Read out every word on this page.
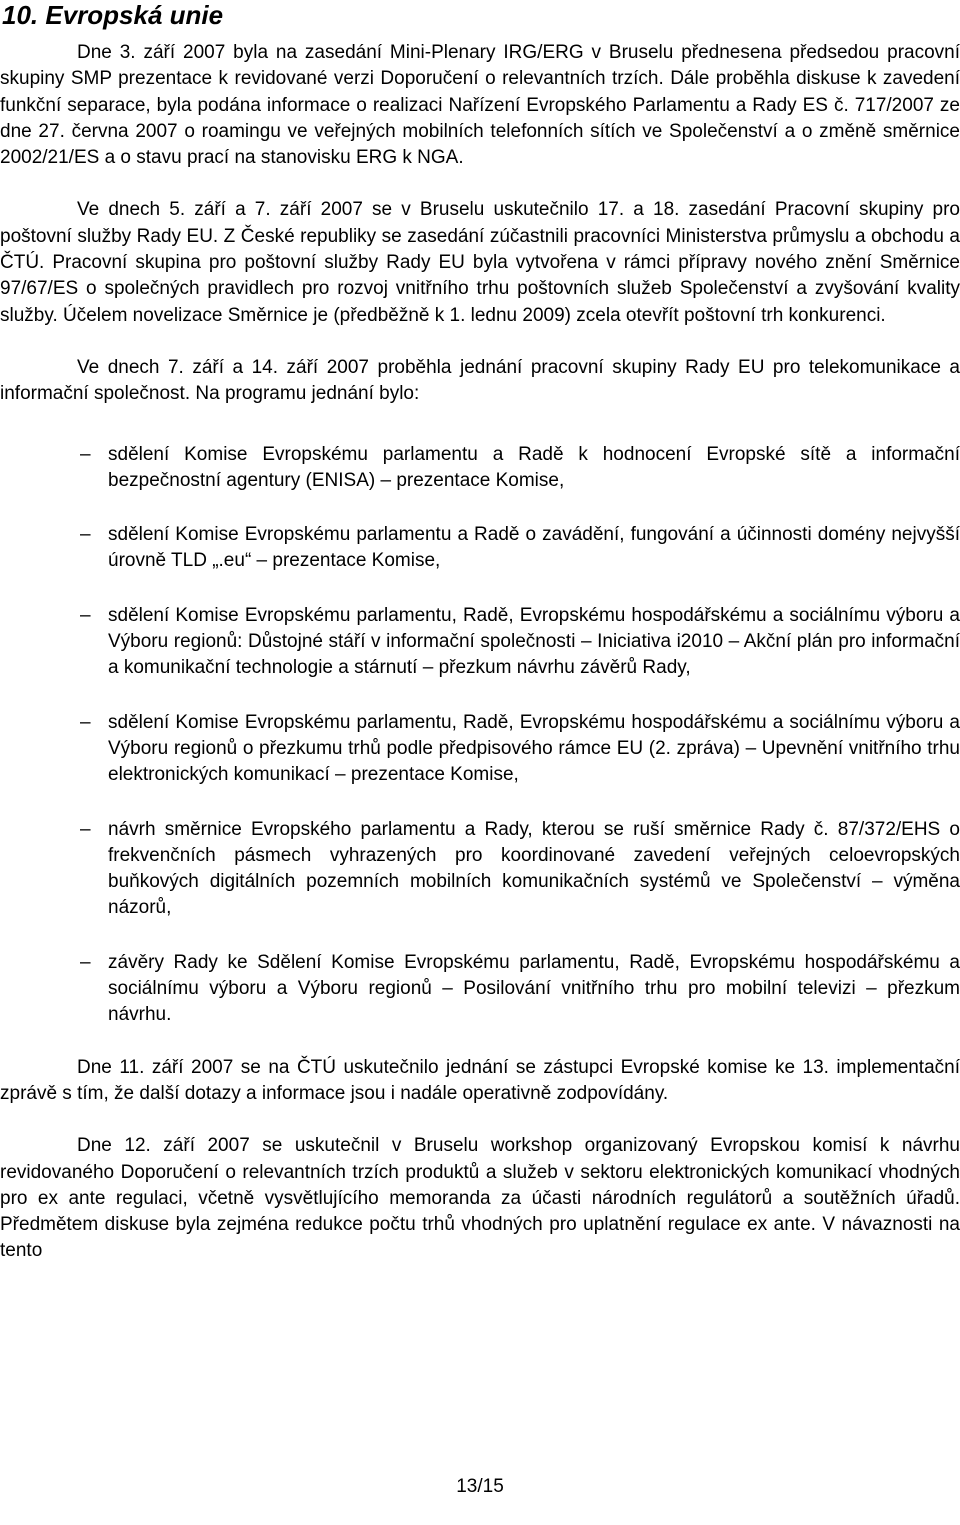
10. Evropská unie

Dne 3. září 2007 byla na zasedání Mini-Plenary IRG/ERG v Bruselu přednesena předsedou pracovní skupiny SMP prezentace k revidované verzi Doporučení o relevantních trzích. Dále proběhla diskuse k zavedení funkční separace, byla podána informace o realizaci Nařízení Evropského Parlamentu a Rady ES č. 717/2007 ze dne 27. června 2007 o roamingu ve veřejných mobilních telefonních sítích ve Společenství a o změně směrnice 2002/21/ES a o stavu prací na stanovisku ERG k NGA.

Ve dnech 5. září a 7. září 2007 se v Bruselu uskutečnilo 17. a 18. zasedání Pracovní skupiny pro poštovní služby Rady EU. Z České republiky se zasedání zúčastnili pracovníci Ministerstva průmyslu a obchodu a ČTÚ. Pracovní skupina pro poštovní služby Rady EU byla vytvořena v rámci přípravy nového znění Směrnice 97/67/ES o společných pravidlech pro rozvoj vnitřního trhu poštovních služeb Společenství a zvyšování kvality služby. Účelem novelizace Směrnice je (předběžně k 1. lednu 2009) zcela otevřít poštovní trh konkurenci.

Ve dnech 7. září a 14. září 2007 proběhla jednání pracovní skupiny Rady EU pro telekomunikace a informační společnost. Na programu jednání bylo:

– sdělení Komise Evropskému parlamentu a Radě k hodnocení Evropské sítě a informační bezpečnostní agentury (ENISA) – prezentace Komise,
– sdělení Komise Evropskému parlamentu a Radě o zavádění, fungování a účinnosti domény nejvyšší úrovně TLD „.eu“ – prezentace Komise,
– sdělení Komise Evropskému parlamentu, Radě, Evropskému hospodářskému a sociálnímu výboru a Výboru regionů: Důstojné stáří v informační společnosti – Iniciativa i2010 – Akční plán pro informační a komunikační technologie a stárnutí – přezkum návrhu závěrů Rady,
– sdělení Komise Evropskému parlamentu, Radě, Evropskému hospodářskému a sociálnímu výboru a Výboru regionů o přezkumu trhů podle předpisového rámce EU (2. zpráva) – Upevnění vnitřního trhu elektronických komunikací – prezentace Komise,
– návrh směrnice Evropského parlamentu a Rady, kterou se ruší směrnice Rady č. 87/372/EHS o frekvenčních pásmech vyhrazených pro koordinované zavedení veřejných celoevropských buňkových digitálních pozemních mobilních komunikačních systémů ve Společenství – výměna názorů,
– závěry Rady ke Sdělení Komise Evropskému parlamentu, Radě, Evropskému hospodářskému a sociálnímu výboru a Výboru regionů – Posilování vnitřního trhu pro mobilní televizi – přezkum návrhu.

Dne 11. září 2007 se na ČTÚ uskutečnilo jednání se zástupci Evropské komise ke 13. implementační zprávě s tím, že další dotazy a informace jsou i nadále operativně zodpovídány.

Dne 12. září 2007 se uskutečnil v Bruselu workshop organizovaný Evropskou komisí k návrhu revidovaného Doporučení o relevantních trzích produktů a služeb v sektoru elektronických komunikací vhodných pro ex ante regulaci, včetně vysvětlujícího memoranda za účasti národních regulátorů a soutěžních úřadů. Předmětem diskuse byla zejména redukce počtu trhů vhodných pro uplatnění regulace ex ante. V návaznosti na tento

13/15
